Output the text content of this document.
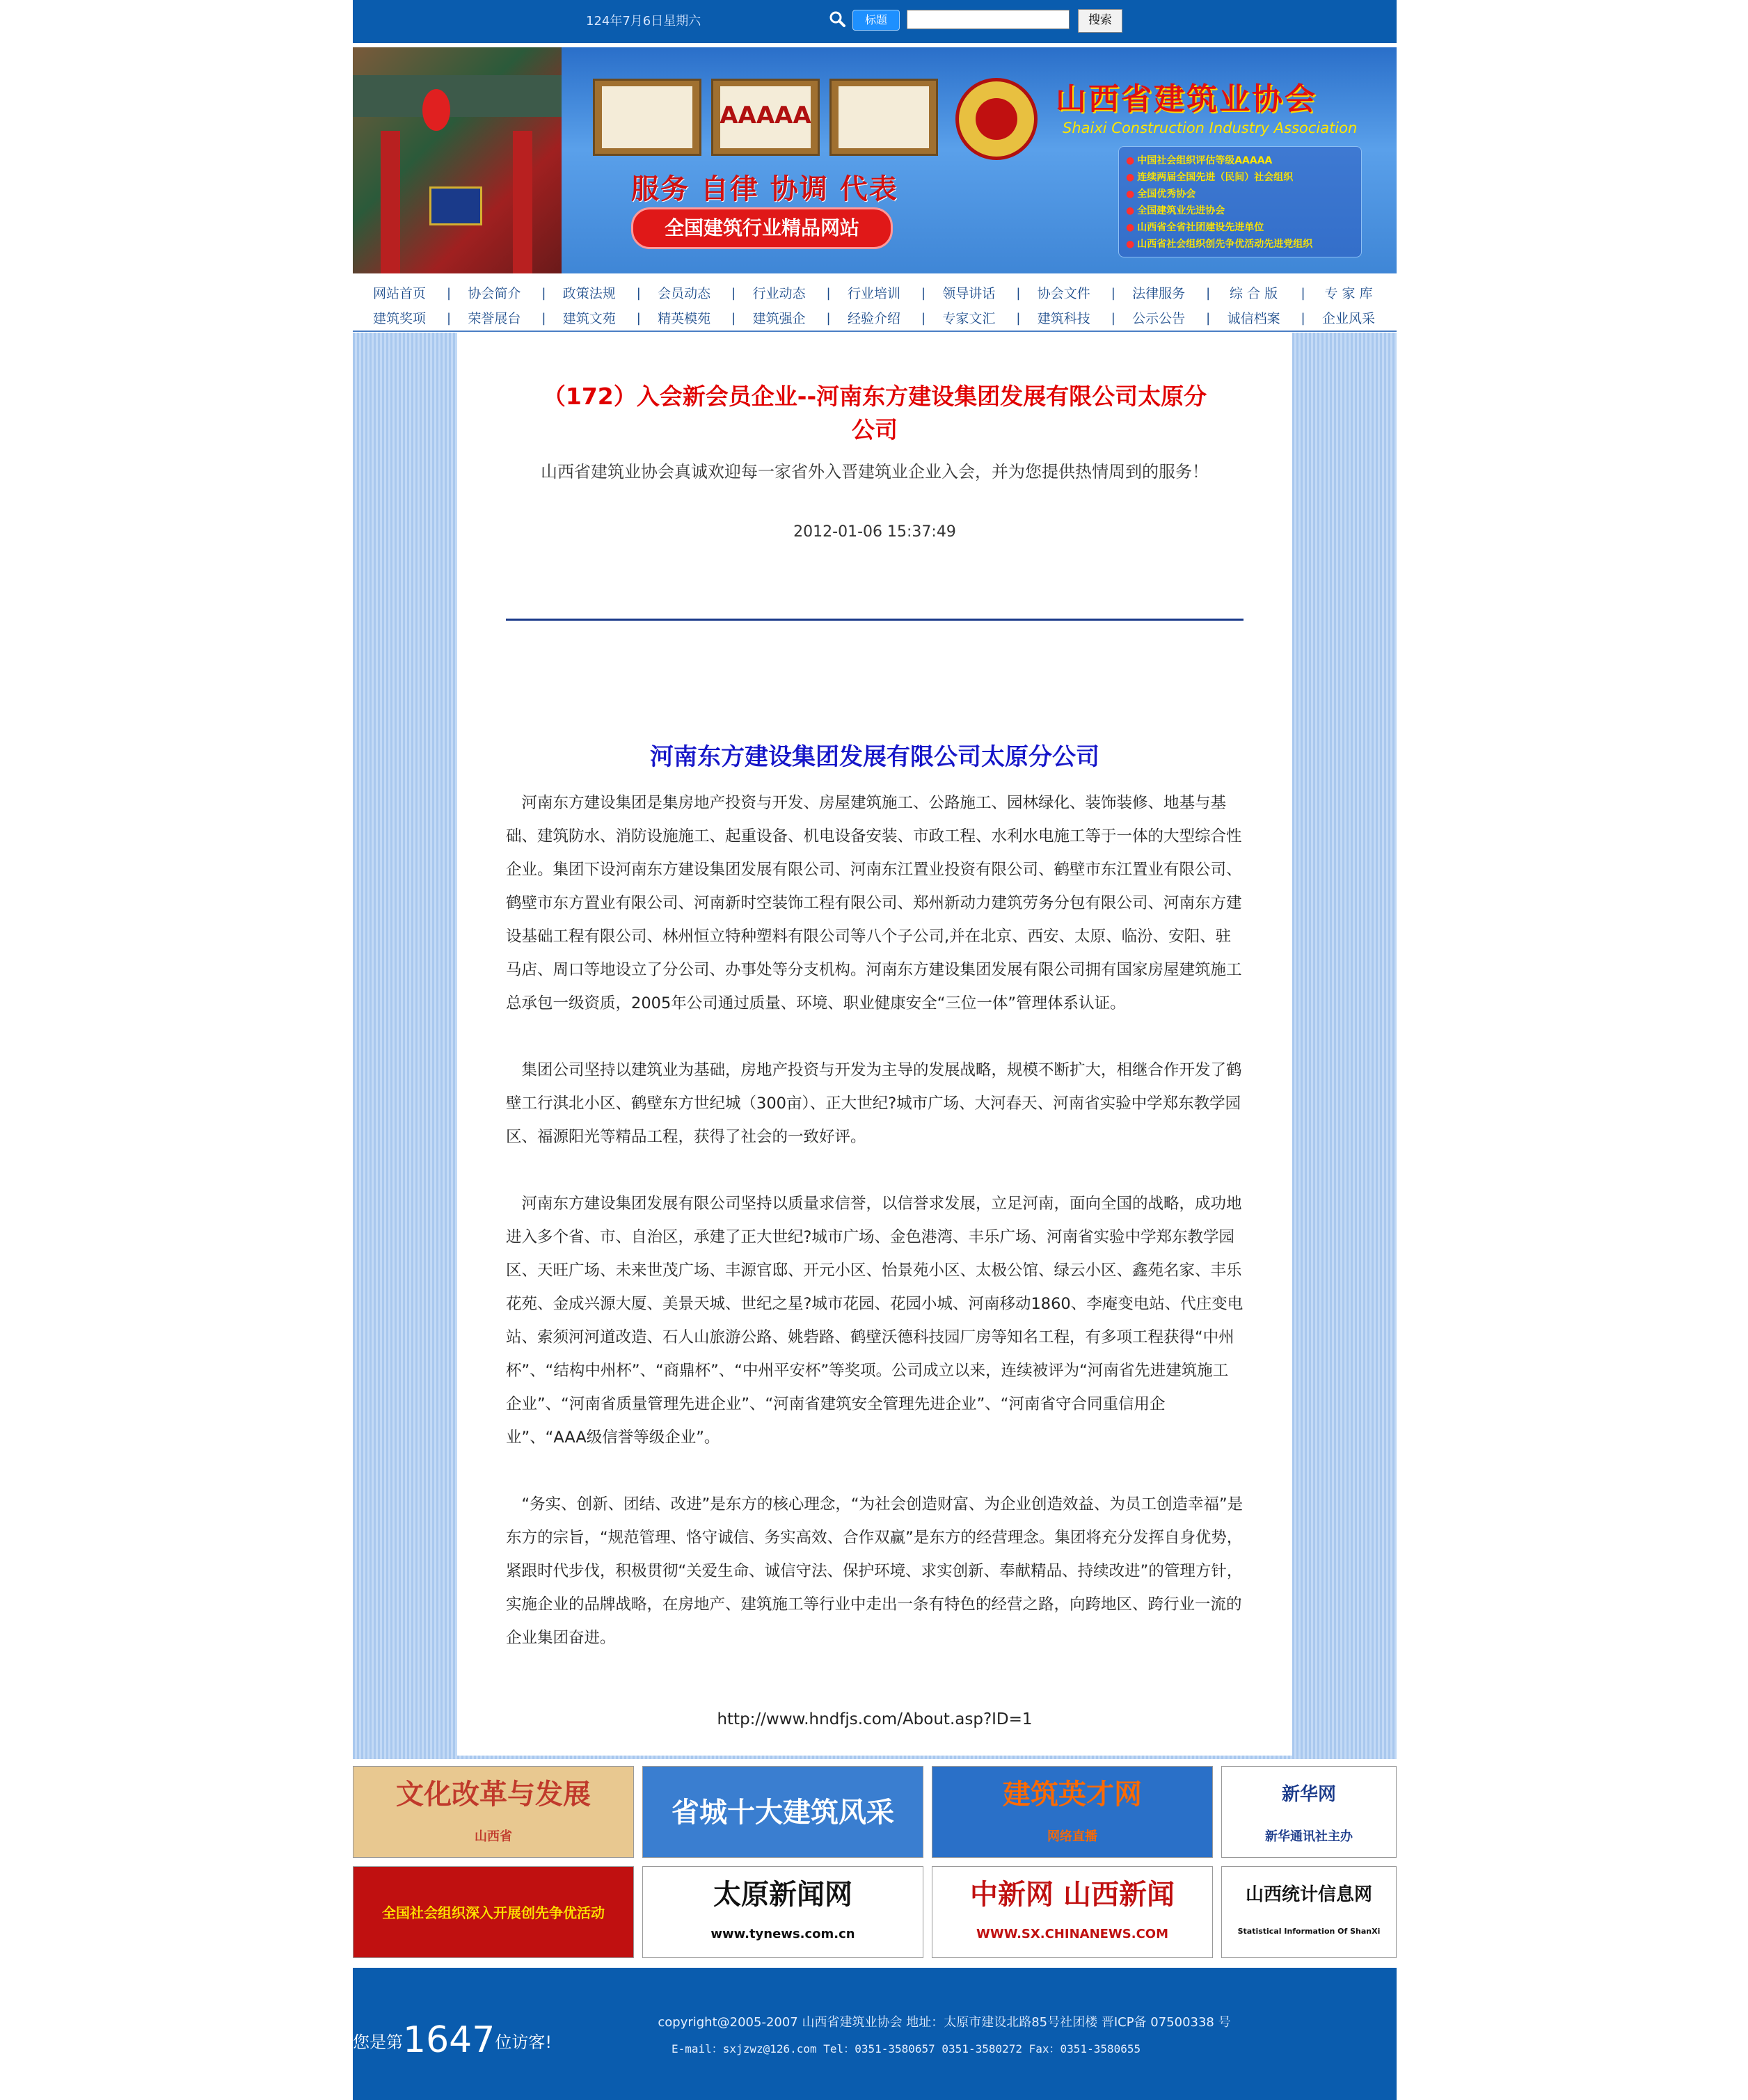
124年7月6日星期六	标题	搜索
AAAAA
服务 自律 协调 代表
全国建筑行业精品网站
山西省建筑业协会
Shaixi Construction Industry Association
● 中国社会组织评估等级AAAAA
● 连续两届全国先进（民间）社会组织
● 全国优秀协会
● 全国建筑业先进协会
● 山西省全省社团建设先进单位
● 山西省社会组织创先争优活动先进党组织
网站首页	|	协会简介	|	政策法规	|	会员动态	|	行业动态	|	行业培训	|	领导讲话	|	协会文件	|	法律服务	|	综 合 版	|	专 家 库
建筑奖项	|	荣誉展台	|	建筑文苑	|	精英模苑	|	建筑强企	|	经验介绍	|	专家文汇	|	建筑科技	|	公示公告	|	诚信档案	|	企业风采
（172）入会新会员企业--河南东方建设集团发展有限公司太原分公司
山西省建筑业协会真诚欢迎每一家省外入晋建筑业企业入会，并为您提供热情周到的服务！
2012-01-06 15:37:49
河南东方建设集团发展有限公司太原分公司

河南东方建设集团是集房地产投资与开发、房屋建筑施工、公路施工、园林绿化、装饰装修、地基与基础、建筑防水、消防设施施工、起重设备、机电设备安装、市政工程、水利水电施工等于一体的大型综合性企业。集团下设河南东方建设集团发展有限公司、河南东江置业投资有限公司、鹤壁市东江置业有限公司、鹤壁市东方置业有限公司、河南新时空装饰工程有限公司、郑州新动力建筑劳务分包有限公司、河南东方建设基础工程有限公司、林州恒立特种塑料有限公司等八个子公司,并在北京、西安、太原、临汾、安阳、驻马店、周口等地设立了分公司、办事处等分支机构。河南东方建设集团发展有限公司拥有国家房屋建筑施工总承包一级资质，2005年公司通过质量、环境、职业健康安全“三位一体”管理体系认证。

集团公司坚持以建筑业为基础，房地产投资与开发为主导的发展战略，规模不断扩大，相继合作开发了鹤壁工行淇北小区、鹤壁东方世纪城（300亩）、正大世纪?城市广场、大河春天、河南省实验中学郑东教学园区、福源阳光等精品工程，获得了社会的一致好评。

河南东方建设集团发展有限公司坚持以质量求信誉，以信誉求发展，立足河南，面向全国的战略，成功地进入多个省、市、自治区，承建了正大世纪?城市广场、金色港湾、丰乐广场、河南省实验中学郑东教学园区、天旺广场、未来世茂广场、丰源官邸、开元小区、怡景苑小区、太极公馆、绿云小区、鑫苑名家、丰乐花苑、金成兴源大厦、美景天城、世纪之星?城市花园、花园小城、河南移动1860、李庵变电站、代庄变电站、索须河河道改造、石人山旅游公路、姚砦路、鹤壁沃德科技园厂房等知名工程，有多项工程获得“中州杯”、“结构中州杯”、“商鼎杯”、“中州平安杯”等奖项。公司成立以来，连续被评为“河南省先进建筑施工企业”、“河南省质量管理先进企业”、“河南省建筑安全管理先进企业”、“河南省守合同重信用企业”、“AAA级信誉等级企业”。

“务实、创新、团结、改进”是东方的核心理念，“为社会创造财富、为企业创造效益、为员工创造幸福”是东方的宗旨，“规范管理、恪守诚信、务实高效、合作双赢”是东方的经营理念。集团将充分发挥自身优势，紧跟时代步伐，积极贯彻“关爱生命、诚信守法、保护环境、求实创新、奉献精品、持续改进”的管理方针，实施企业的品牌战略，在房地产、建筑施工等行业中走出一条有特色的经营之路，向跨地区、跨行业一流的企业集团奋进。

http://www.hndfjs.com/About.asp?ID=1
文化改革与发展
山西省
省城十大建筑风采
建筑英才网
网络直播
新华网
新华通讯社主办
全国社会组织深入开展创先争优活动
太原新闻网
www.tynews.com.cn
中新网 山西新闻
WWW.SX.CHINANEWS.COM
山西统计信息网
Statistical Information Of ShanXi
您是第1647位访客!
copyright@2005-2007 山西省建筑业协会 地址：太原市建设北路85号社团楼 晋ICP备 07500338 号
E-mail：sxjzwz@126.com Tel：0351-3580657 0351-3580272 Fax：0351-3580655
